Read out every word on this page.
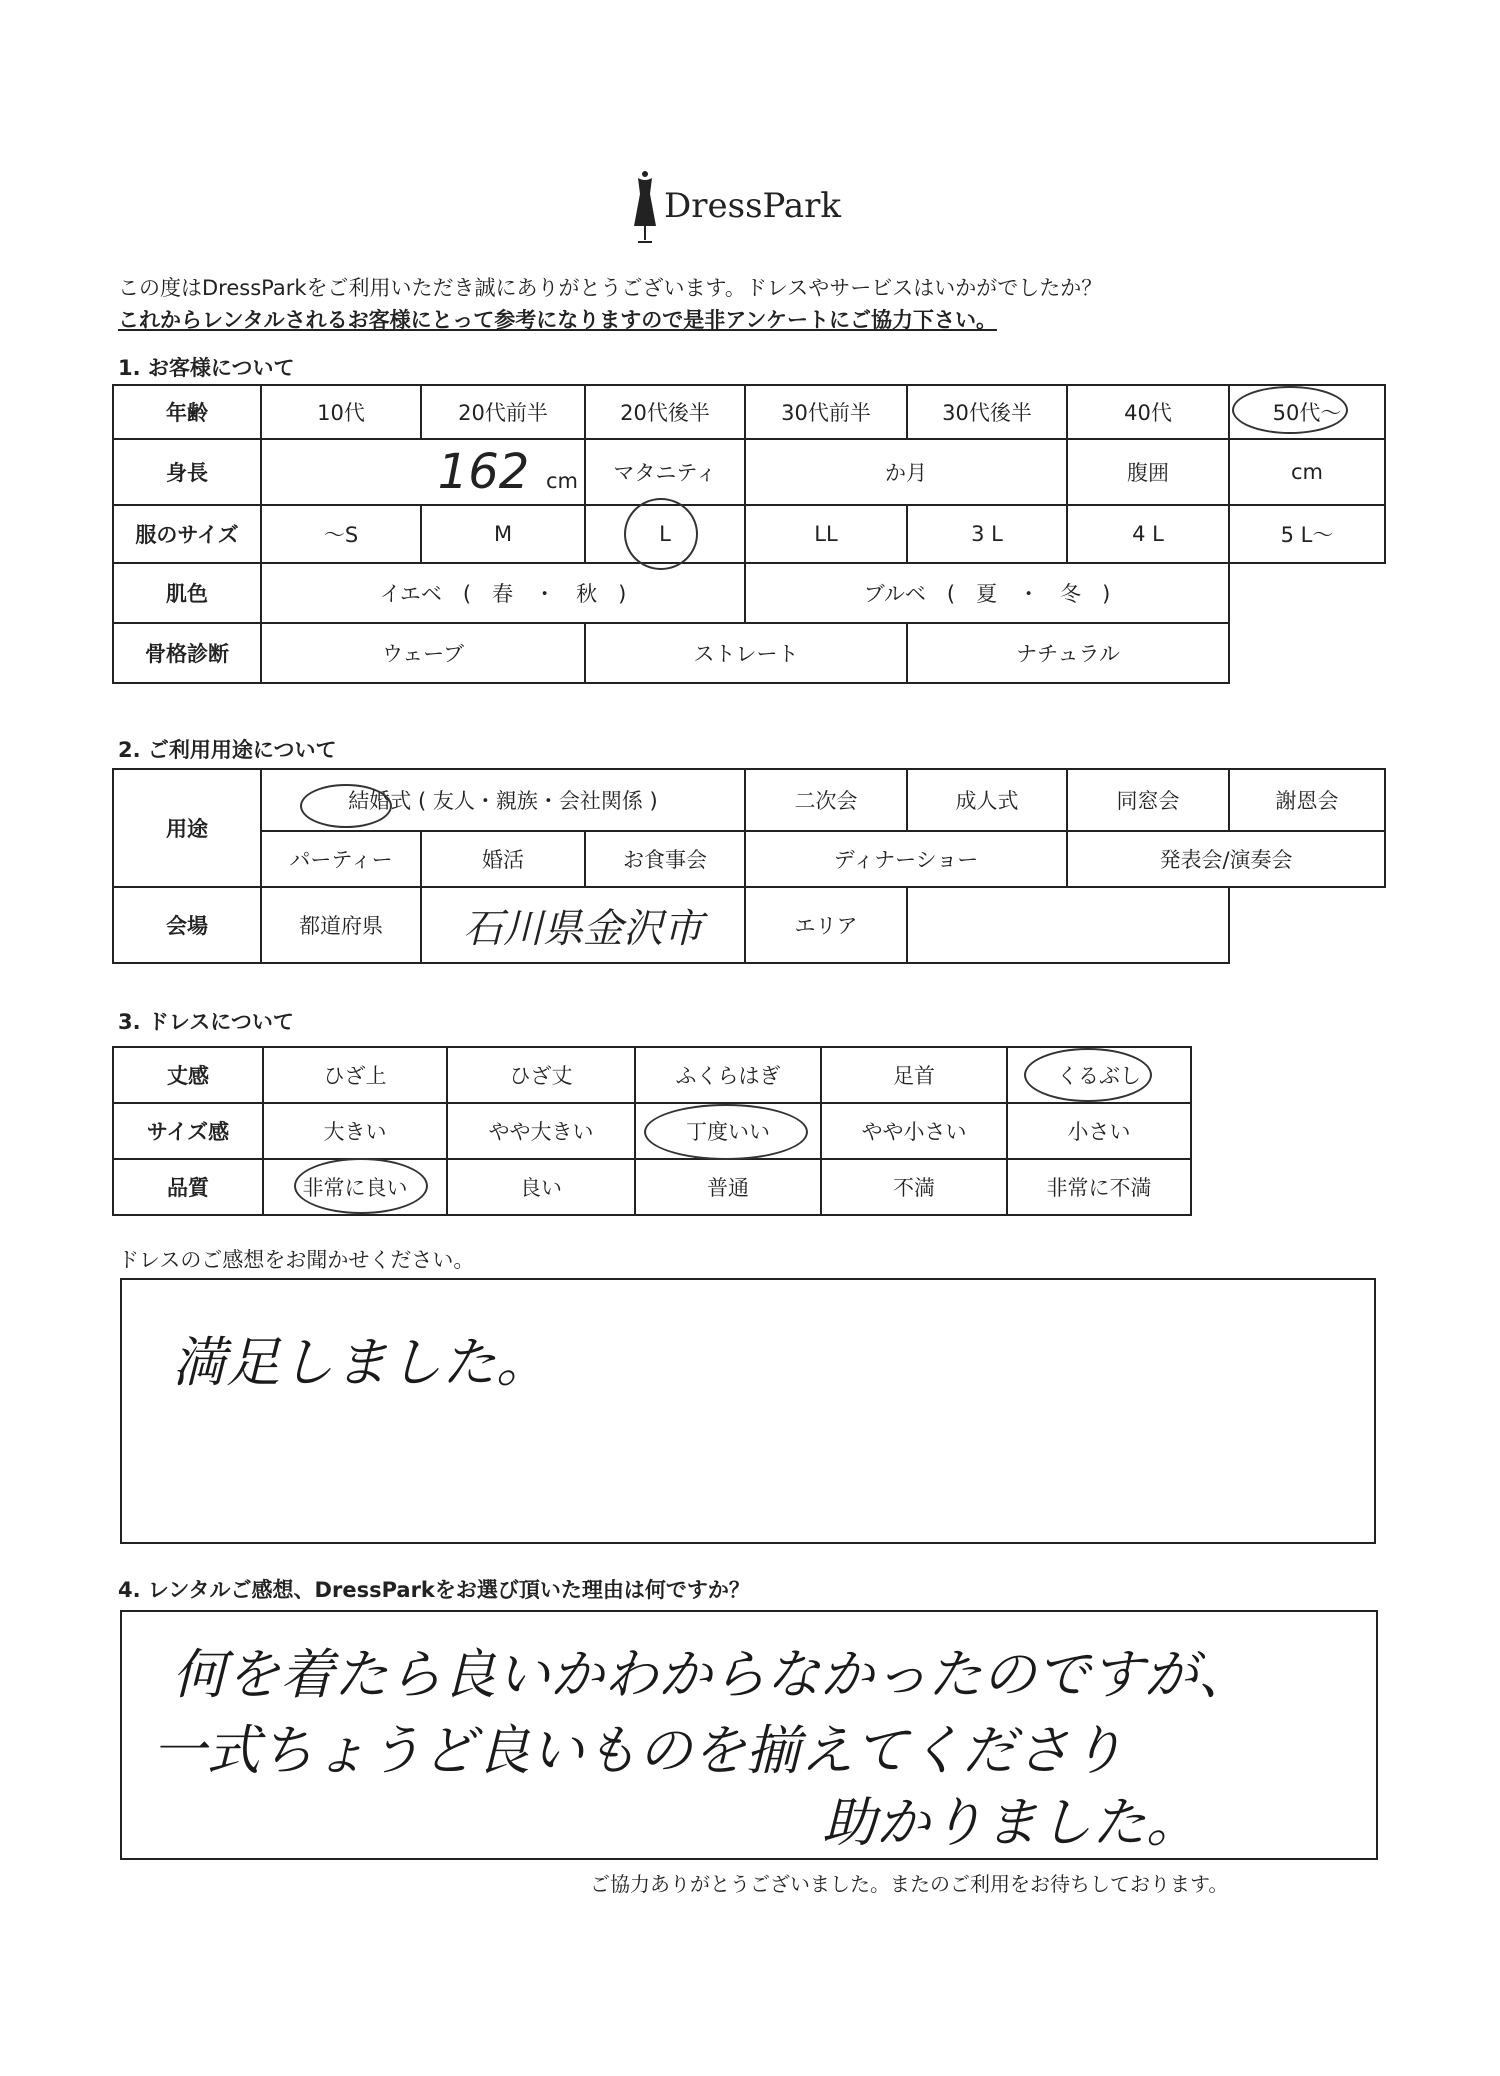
DressPark
この度はDressParkをご利用いただき誠にありがとうございます。ドレスやサービスはいかがでしたか？
これからレンタルされるお客様にとって参考になりますので是非アンケートにご協力下さい。
1. お客様について
年齢	10代	20代前半	20代後半	30代前半	30代後半	40代	50代～
身長	162 cm		マタニティ	か月		腹囲	cm
服のサイズ	～S	M	L	LL	3 L	4 L	5 L～
肌色	イエベ　(　春　・　秋　)			ブルベ　(　夏　・　冬　)			
骨格診断	ウェーブ		ストレート		ナチュラル		
2. ご利用用途について
用途	結婚式 ( 友人・親族・会社関係 )			二次会	成人式	同窓会	謝恩会
	パーティー	婚活	お食事会	ディナーショー		発表会/演奏会	
会場	都道府県	石川県金沢市		エリア			
3. ドレスについて
丈感	ひざ上	ひざ丈	ふくらはぎ	足首	くるぶし
サイズ感	大きい	やや大きい	丁度いい	やや小さい	小さい
品質	非常に良い	良い	普通	不満	非常に不満
ドレスのご感想をお聞かせください。
満足しました。
4. レンタルご感想、DressParkをお選び頂いた理由は何ですか？
何を着たら良いかわからなかったのですが、
一式ちょうど良いものを揃えてくださり
助かりました。
ご協力ありがとうございました。またのご利用をお待ちしております。
